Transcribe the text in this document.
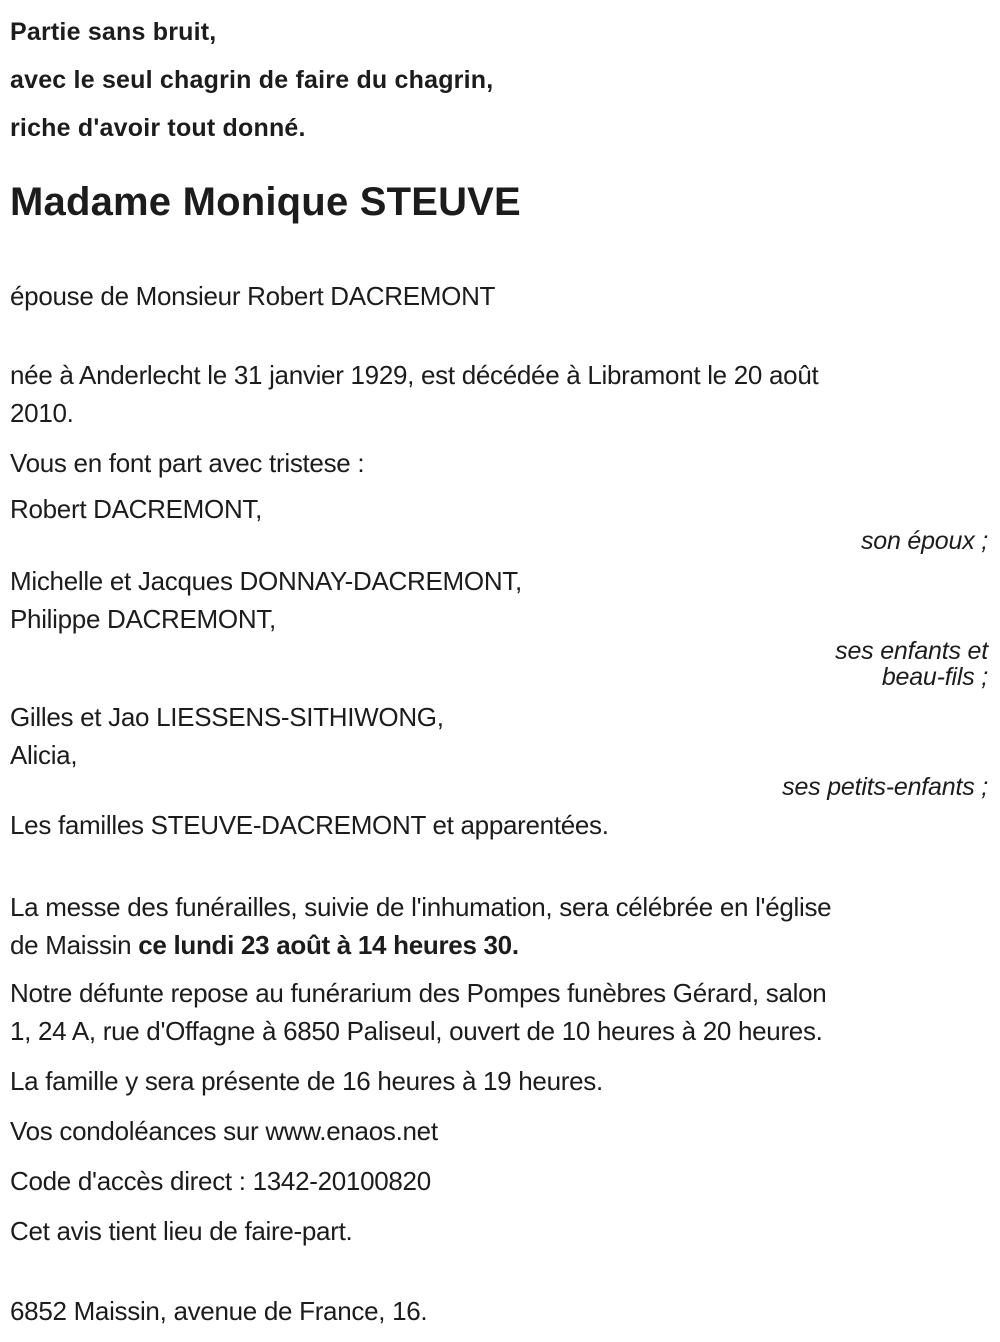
Partie sans bruit,
avec le seul chagrin de faire du chagrin,
riche d'avoir tout donné.
Madame Monique STEUVE

épouse de Monsieur Robert DACREMONT

née à Anderlecht le 31 janvier 1929, est décédée à Libramont le 20 août
2010.

Vous en font part avec tristese :

Robert DACREMONT,

son époux ;

Michelle et Jacques DONNAY-DACREMONT,
Philippe DACREMONT,

ses enfants et
beau-fils ;

Gilles et Jao LIESSENS-SITHIWONG,
Alicia,

ses petits-enfants ;

Les familles STEUVE-DACREMONT et apparentées.

La messe des funérailles, suivie de l'inhumation, sera célébrée en l'église
de Maissin ce lundi 23 août à 14 heures 30.

Notre défunte repose au funérarium des Pompes funèbres Gérard, salon
1, 24 A, rue d'Offagne à 6850 Paliseul, ouvert de 10 heures à 20 heures.

La famille y sera présente de 16 heures à 19 heures.

Vos condoléances sur www.enaos.net

Code d'accès direct : 1342-20100820

Cet avis tient lieu de faire-part.

6852 Maissin, avenue de France, 16.
